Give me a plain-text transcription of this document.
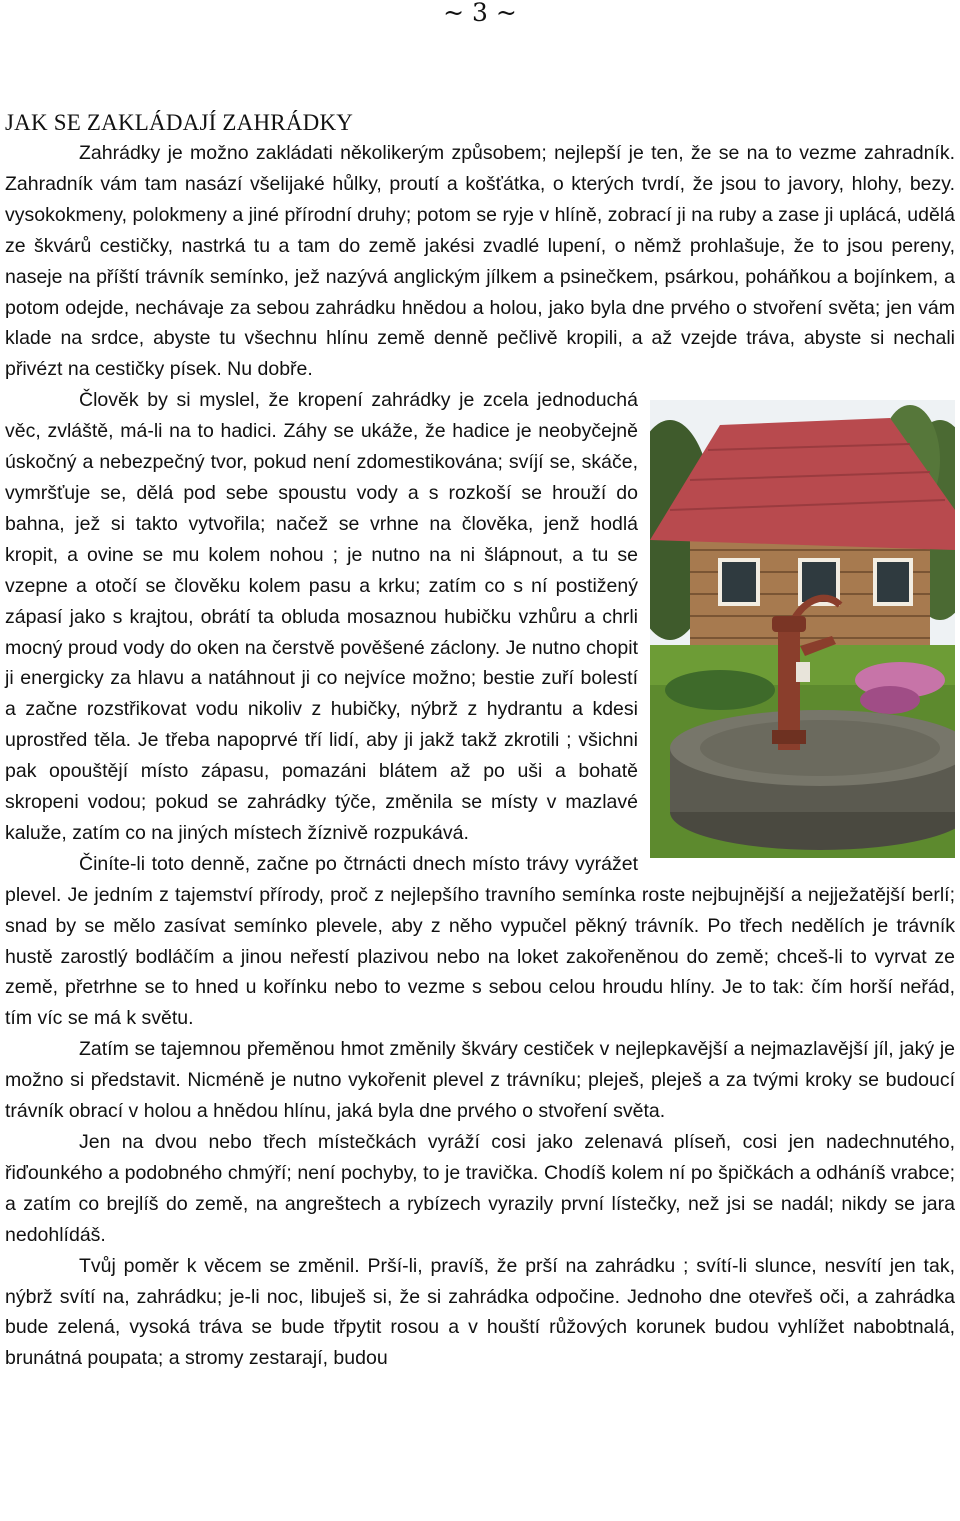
~ 3 ~
JAK SE ZAKLÁDAJÍ ZAHRÁDKY

Zahrádky je možno zakládati několikerým způsobem; nejlepší je ten, že se na to vezme zahradník. Zahradník vám tam nasází všelijaké hůlky, proutí a košťátka, o kterých tvrdí, že jsou to javory, hlohy, bezy. vysokokmeny, polokmeny a jiné přírodní druhy; potom se ryje v hlíně, zobrací ji na ruby a zase ji uplácá, udělá ze škvárů cestičky, nastrká tu a tam do země jakési zvadlé lupení, o němž prohlašuje, že to jsou pereny, naseje na příští trávník semínko, jež nazývá anglickým jílkem a psinečkem, psárkou, poháňkou a bojínkem, a potom odejde, nechávaje za sebou zahrádku hnědou a holou, jako byla dne prvého o stvoření světa; jen vám klade na srdce, abyste tu všechnu hlínu země denně pečlivě kropili, a až vzejde tráva, abyste si nechali přivézt na cestičky písek. Nu dobře.

Člověk by si myslel, že kropení zahrádky je zcela jednoduchá věc, zvláště, má-li na to hadici. Záhy se ukáže, že hadice je neobyčejně úskočný a nebezpečný tvor, pokud není zdomestikována; svíjí se, skáče, vymršťuje se, dělá pod sebe spoustu vody a s rozkoší se hrouží do bahna, jež si takto vytvořila; načež se vrhne na člověka, jenž hodlá kropit, a ovine se mu kolem nohou ; je nutno na ni šlápnout, a tu se vzepne a otočí se člověku kolem pasu a krku; zatím co s ní postižený zápasí jako s krajtou, obrátí ta obluda mosaznou hubičku vzhůru a chrli mocný proud vody do oken na čerstvě pověšené záclony. Je nutno chopit ji energicky za hlavu a natáhnout ji co nejvíce možno; bestie zuří bolestí a začne rozstřikovat vodu nikoliv z hubičky, nýbrž z hydrantu a kdesi uprostřed těla. Je třeba napoprvé tří lidí, aby ji jakž takž zkrotili ; všichni pak opouštějí místo zápasu, pomazáni blátem až po uši a bohatě skropeni vodou; pokud se zahrádky týče, změnila se místy v mazlavé kaluže, zatím co na jiných místech žíznivě rozpukává.

Činíte-li toto denně, začne po čtrnácti dnech místo trávy vyrážet plevel. Je jedním z tajemství přírody, proč z nejlepšího travního semínka roste nejbujnější a nejježatější berlí; snad by se mělo zasívat semínko plevele, aby z něho vypučel pěkný trávník. Po třech nedělích je trávník hustě zarostlý bodláčím a jinou neřestí plazivou nebo na loket zakořeněnou do země; chceš-li to vyrvat ze země, přetrhne se to hned u kořínku nebo to vezme s sebou celou hroudu hlíny. Je to tak: čím horší neřád, tím víc se má k světu.

Zatím se tajemnou přeměnou hmot změnily škváry cestiček v nejlepkavější a nejmazlavější jíl, jaký je možno si představit. Nicméně je nutno vykořenit plevel z trávníku; pleješ, pleješ a za tvými kroky se budoucí trávník obrací v holou a hnědou hlínu, jaká byla dne prvého o stvoření světa.

Jen na dvou nebo třech místečkách vyráží cosi jako zelenavá plíseň, cosi jen nadechnutého, řiďounkého a podobného chmýří; není pochyby, to je travička. Chodíš kolem ní po špičkách a odháníš vrabce; a zatím co brejlíš do země, na angreštech a rybízech vyrazily první lístečky, než jsi se nadál; nikdy se jara nedohlídáš.

Tvůj poměr k věcem se změnil. Prší-li, pravíš, že prší na zahrádku ; svítí-li slunce, nesvítí jen tak, nýbrž svítí na, zahrádku; je-li noc, libuješ si, že si zahrádka odpočine. Jednoho dne otevřeš oči, a zahrádka bude zelená, vysoká tráva se bude třpytit rosou a v houští růžových korunek budou vyhlížet nabobtnalá, brunátná poupata; a stromy zestarají, budou
